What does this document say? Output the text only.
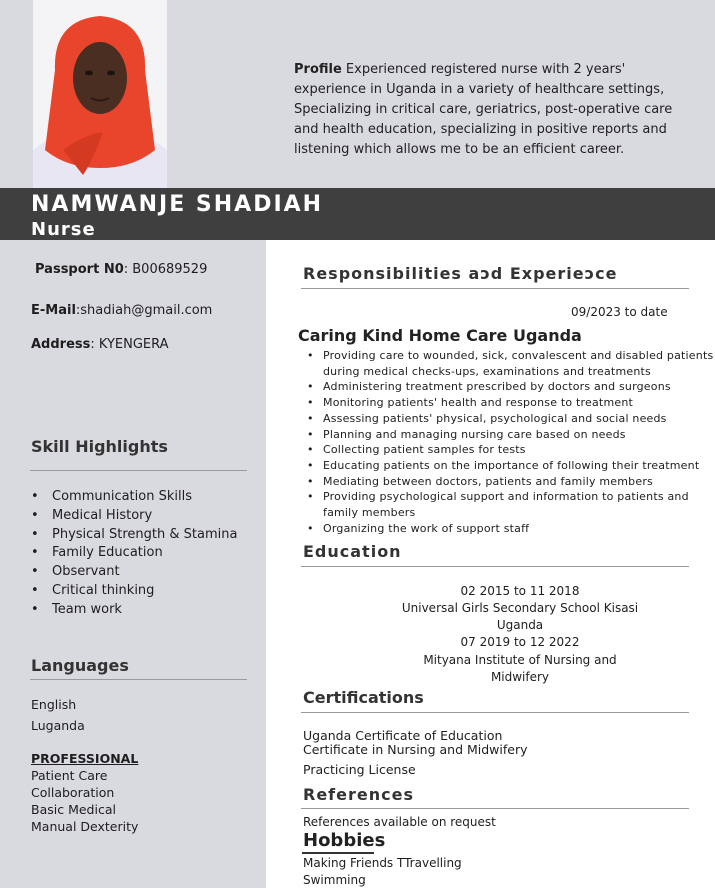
Profile Experienced registered nurse with 2 years' experience in Uganda in a variety of healthcare settings, Specializing in critical care, geriatrics, post-operative care and health education, specializing in positive reports and listening which allows me to be an efficient career.
NAMWANJE SHADIAH
Nurse
Passport N0: B00689529
E-Mail:shadiah@gmail.com
Address: KYENGERA
Skill Highlights
• Communication Skills
• Medical History
• Physical Strength & Stamina
• Family Education
• Observant
• Critical thinking
• Team work
Languages
English
Luganda
PROFESSIONAL
Patient Care
Collaboration
Basic Medical
Manual Dexterity
Responsibilities aɔd Experieɔce
09/2023 to date
Caring Kind Home Care Uganda
• Providing care to wounded, sick, convalescent and disabled patients during medical checks-ups, examinations and treatments
• Administering treatment prescribed by doctors and surgeons
• Monitoring patients' health and response to treatment
• Assessing patients' physical, psychological and social needs
• Planning and managing nursing care based on needs
• Collecting patient samples for tests
• Educating patients on the importance of following their treatment
• Mediating between doctors, patients and family members
• Providing psychological support and information to patients and family members
• Organizing the work of support staff
Education
02 2015 to 11 2018
Universal Girls Secondary School Kisasi
Uganda
07 2019 to 12 2022
Mityana Institute of Nursing and
Midwifery
Certifications
Uganda Certificate of Education
Certificate in Nursing and Midwifery
Practicing License
References
References available on request
Hobbies
Making Friends TTravelling
Swimming
